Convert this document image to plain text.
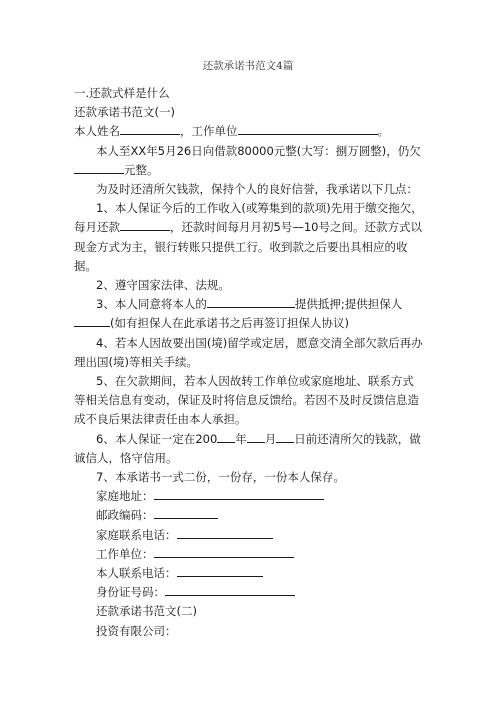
还款承诺书范文4篇

一.还款式样是什么

还款承诺书范文(一)

本人姓名	，工作单位	。

本人至XX年5月26日向借款80000元整(大写：捌万圆整)，仍欠元整。

为及时还清所欠钱款，保持个人的良好信誉，我承诺以下几点：

1、本人保证今后的工作收入(或筹集到的款项)先用于缴交拖欠，每月还款	，还款时间每月月初5号—10号之间。还款方式以现金方式为主，银行转账只提供工行。收到款之后要出具相应的收据。

2、遵守国家法律、法规。

3、本人同意将本人的	提供抵押;提供担保人(如有担保人在此承诺书之后再签订担保人协议)

4、若本人因故要出国(境)留学或定居，愿意交清全部欠款后再办理出国(境)等相关手续。

5、在欠款期间，若本人因故转工作单位或家庭地址、联系方式等相关信息有变动，保证及时将信息反馈给。若因不及时反馈信息造成不良后果法律责任由本人承担。

6、本人保证一定在200 年 月 日前还清所欠的钱款，做诚信人，恪守信用。

7、本承诺书一式二份，一份存，一份本人保存。

家庭地址：

邮政编码：

家庭联系电话：

工作单位：

本人联系电话：

身份证号码：

还款承诺书范文(二)

投资有限公司：
